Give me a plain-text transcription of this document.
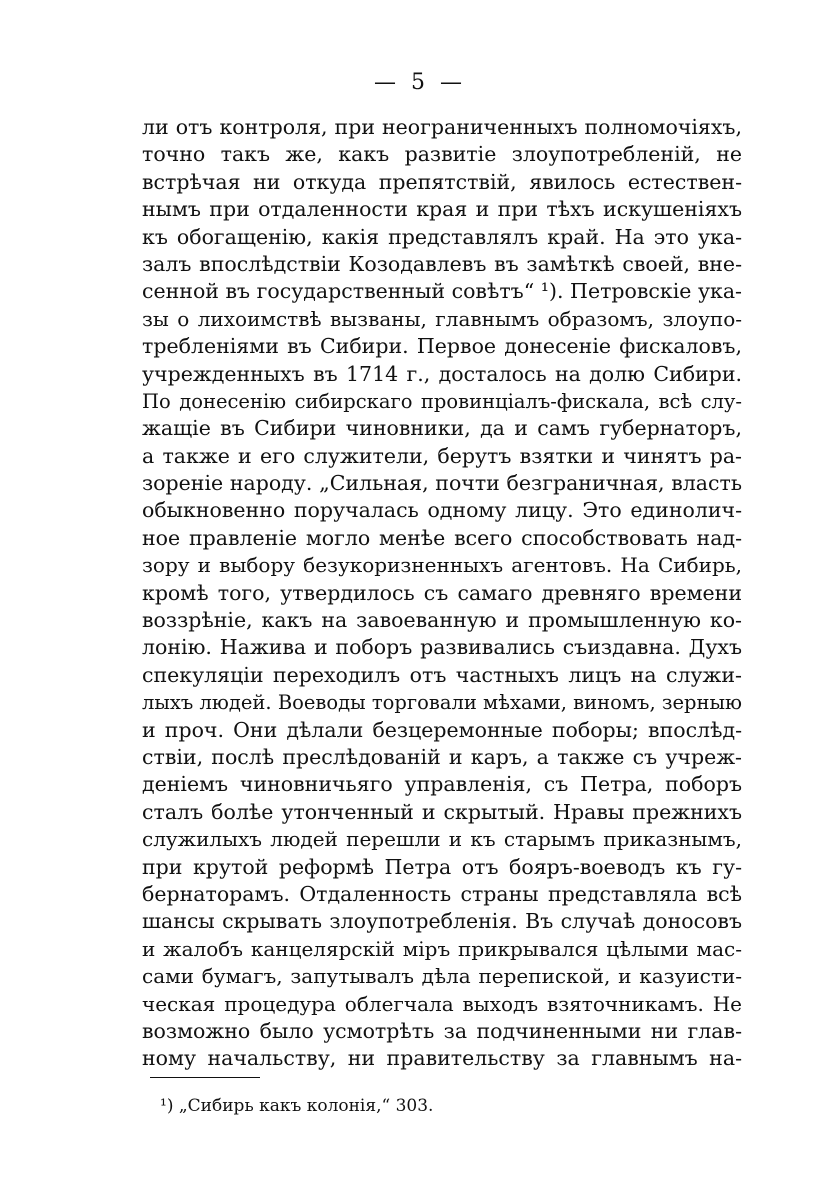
— 5 —
ли отъ контроля, при неограниченныхъ полномочіяхъ,
точно такъ же, какъ развитіе злоупотребленій, не
встрѣчая ни откуда препятствій, явилось естествен-
нымъ при отдаленности края и при тѣхъ искушеніяхъ
къ обогащенію, какія представлялъ край. На это ука-
залъ впослѣдствіи Козодавлевъ въ замѣткѣ своей, вне-
сенной въ государственный совѣтъ“ ¹). Петровскіе ука-
зы о лихоимствѣ вызваны, главнымъ образомъ, злоупо-
требленіями въ Сибири. Первое донесеніе фискаловъ,
учрежденныхъ въ 1714 г., досталось на долю Сибири.
По донесенію сибирскаго провинціалъ-фискала, всѣ слу-
жащіе въ Сибири чиновники, да и самъ губернаторъ,
а также и его служители, берутъ взятки и чинятъ ра-
зореніе народу. „Сильная, почти безграничная, власть
обыкновенно поручалась одному лицу. Это единолич-
ное правленіе могло менѣе всего способствовать над-
зору и выбору безукоризненныхъ агентовъ. На Сибирь,
кромѣ того, утвердилось съ самаго древняго времени
воззрѣніе, какъ на завоеванную и промышленную ко-
лонію. Нажива и поборъ развивались съиздавна. Духъ
спекуляціи переходилъ отъ частныхъ лицъ на служи-
лыхъ людей. Воеводы торговали мѣхами, виномъ, зерныю
и проч. Они дѣлали безцеремонные поборы; впослѣд-
ствіи, послѣ преслѣдованій и каръ, а также съ учреж-
деніемъ чиновничьяго управленія, съ Петра, поборъ
сталъ болѣе утонченный и скрытый. Нравы прежнихъ
служилыхъ людей перешли и къ старымъ приказнымъ,
при крутой реформѣ Петра отъ бояръ-воеводъ къ гу-
бернаторамъ. Отдаленность страны представляла всѣ
шансы скрывать злоупотребленія. Въ случаѣ доносовъ
и жалобъ канцелярскій міръ прикрывался цѣлыми мас-
сами бумагъ, запутывалъ дѣла перепиской, и казуисти-
ческая процедура облегчала выходъ взяточникамъ. Не
возможно было усмотрѣть за подчиненными ни глав-
ному начальству, ни правительству за главнымъ на-
¹) „Сибирь какъ колонія,“ 303.
